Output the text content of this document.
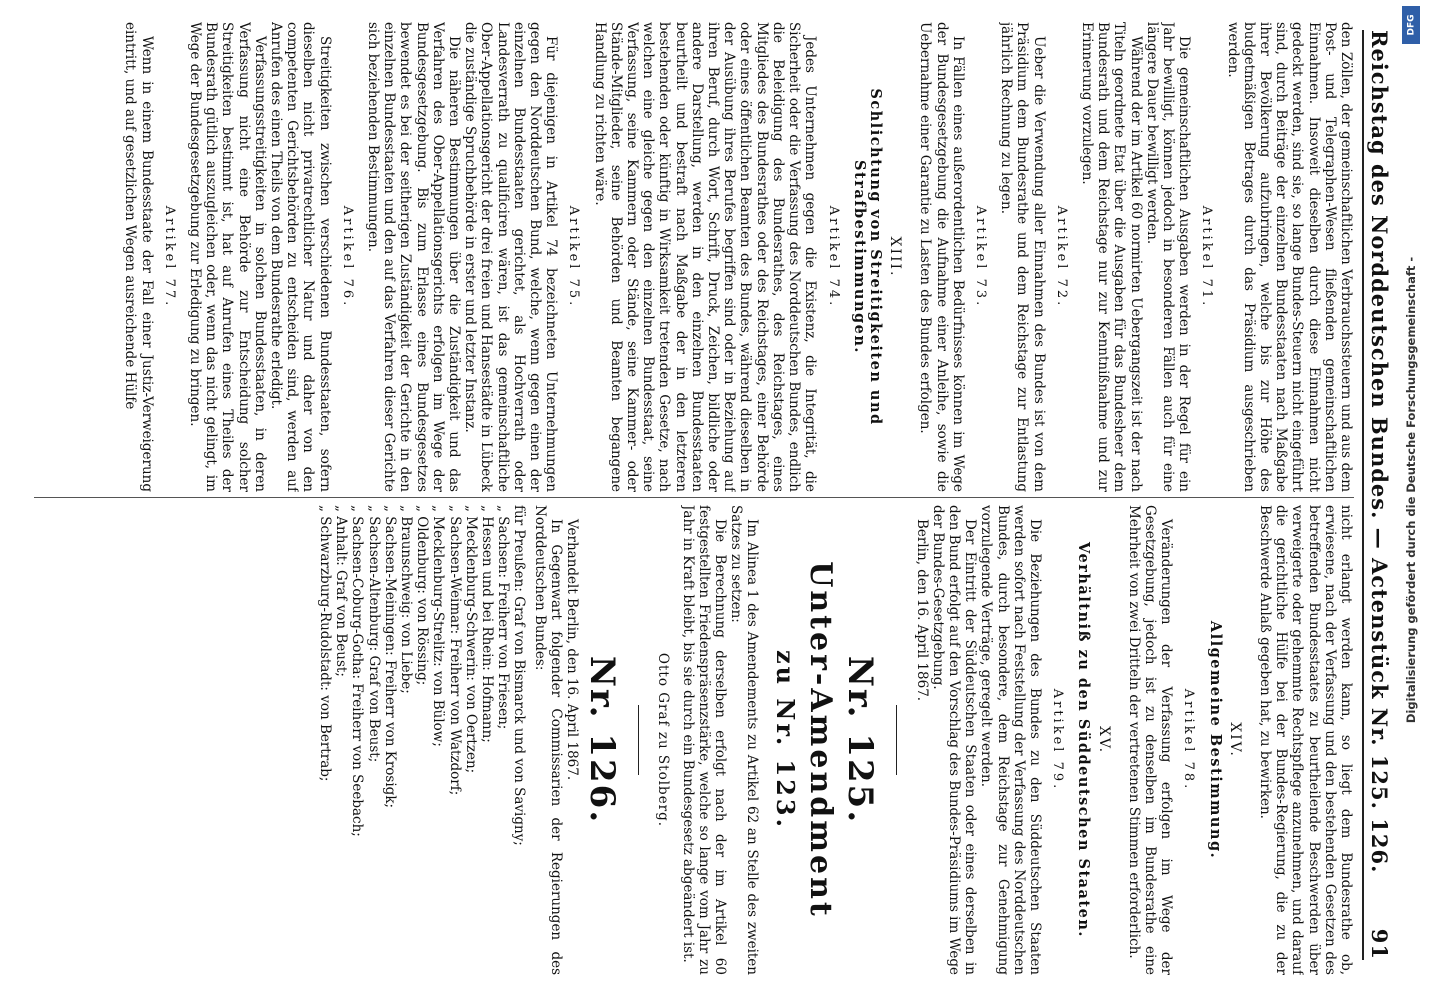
Reichstag des Norddeutschen Bundes. — Actenstück Nr. 125. 126.
91

den Zöllen, der gemeinschaftlichen Verbrauchssteuern und aus dem Post- und Telegraphen-Wesen fließenden gemeinschaftlichen Einnahmen. Insoweit dieselben durch diese Einnahmen nicht gedeckt werden, sind sie, so lange Bundes-Steuern nicht eingeführt sind, durch Beiträge der einzelnen Bundesstaaten nach Maßgabe ihrer Bevölkerung aufzubringen, welche bis zur Höhe des budgetmäßigen Betrages durch das Präsidium ausgeschrieben werden.

Artikel 71.

Die gemeinschaftlichen Ausgaben werden in der Regel für ein Jahr bewilligt, können jedoch in besonderen Fällen auch für eine längere Dauer bewilligt werden.

Während der im Artikel 60 normirten Uebergangszeit ist der nach Titeln geordnete Etat über die Ausgaben für das Bundesheer dem Bundesrath und dem Reichstage nur zur Kenntnißnahme und zur Erinnerung vorzulegen.

Artikel 72.

Ueber die Verwendung aller Einnahmen des Bundes ist von dem Präsidium dem Bundesrathe und dem Reichstage zur Entlastung jährlich Rechnung zu legen.

Artikel 73.

In Fällen eines außerordentlichen Bedürfnisses können im Wege der Bundesgesetzgebung die Aufnahme einer Anleihe, sowie die Uebernahme einer Garantie zu Lasten des Bundes erfolgen.

XIII.
Schlichtung von Streitigkeiten und Strafbestimmungen.
Artikel 74.

Jedes Unternehmen gegen die Existenz, die Integrität, die Sicherheit oder die Verfassung des Norddeutschen Bundes, endlich die Beleidigung des Bundesrathes, des Reichstages, eines Mitgliedes des Bundesrathes oder des Reichstages, einer Behörde oder eines öffentlichen Beamten des Bundes, während dieselben in der Ausübung ihres Berufes begriffen sind oder in Beziehung auf ihren Beruf, durch Wort, Schrift, Druck, Zeichen, bildliche oder andere Darstellung, werden in den einzelnen Bundesstaaten beurtheilt und bestraft nach Maßgabe der in den letzteren bestehenden oder künftig in Wirksamkeit tretenden Gesetze, nach welchen eine gleiche gegen den einzelnen Bundesstaat, seine Verfassung, seine Kammern oder Stände, seine Kammer- oder Stände-Mitglieder, seine Behörden und Beamten begangene Handlung zu richten wäre.

Artikel 75.

Für diejenigen in Artikel 74 bezeichneten Unternehmungen gegen den Norddeutschen Bund, welche, wenn gegen einen der einzelnen Bundesstaaten gerichtet, als Hochverrath oder Landesverrath zu qualificiren wären, ist das gemeinschaftliche Ober-Appellationsgericht der drei freien und Hansestädte in Lübeck die zuständige Spruchbehörde in erster und letzter Instanz.

Die näheren Bestimmungen über die Zuständigkeit und das Verfahren des Ober-Appellationsgerichts erfolgen im Wege der Bundesgesetzgebung. Bis zum Erlasse eines Bundesgesetzes bewendet es bei der seitherigen Zuständigkeit der Gerichte in den einzelnen Bundesstaaten und den auf das Verfahren dieser Gerichte sich beziehenden Bestimmungen.

Artikel 76.

Streitigkeiten zwischen verschiedenen Bundesstaaten, sofern dieselben nicht privatrechtlicher Natur und daher von den competenten Gerichtsbehörden zu entscheiden sind, werden auf Anrufen des einen Theils von dem Bundesrathe erledigt.

Verfassungsstreitigkeiten in solchen Bundesstaaten, in deren Verfassung nicht eine Behörde zur Entscheidung solcher Streitigkeiten bestimmt ist, hat auf Anrufen eines Theiles der Bundesrath gütlich auszugleichen oder, wenn das nicht gelingt, im Wege der Bundesgesetzgebung zur Erledigung zu bringen.

Artikel 77.

Wenn in einem Bundesstaate der Fall einer Justiz-Verweigerung eintritt, und auf gesetzlichen Wegen ausreichende Hülfe

nicht erlangt werden kann, so liegt dem Bundesrathe ob, erwiesene, nach der Verfassung und den bestehenden Gesetzen des betreffenden Bundesstaates zu beurtheilende Beschwerden über verweigerte oder gehemmte Rechtspflege anzunehmen, und darauf die gerichtliche Hülfe bei der Bundes-Regierung, die zu der Beschwerde Anlaß gegeben hat, zu bewirken.

XIV.
Allgemeine Bestimmung.
Artikel 78.

Veränderungen der Verfassung erfolgen im Wege der Gesetzgebung, jedoch ist zu denselben im Bundesrathe eine Mehrheit von zwei Dritteln der vertretenen Stimmen erforderlich.

XV.
Verhältniß zu den Süddeutschen Staaten.
Artikel 79.

Die Beziehungen des Bundes zu den Süddeutschen Staaten werden sofort nach Feststellung der Verfassung des Norddeutschen Bundes, durch besondere, dem Reichstage zur Genehmigung vorzulegende Verträge, geregelt werden.

Der Eintritt der Süddeutschen Staaten oder eines derselben in den Bund erfolgt auf den Vorschlag des Bundes-Präsidiums im Wege der Bundes-Gesetzgebung.

Berlin, den 16. April 1867.

Nr. 125.
Unter-Amendment
zu Nr. 123.

Im Alinea 1 des Amendements zu Artikel 62 an Stelle des zweiten Satzes zu setzen:

Die Berechnung derselben erfolgt nach der im Artikel 60 festgestellten Friedenspräsenzstärke, welche so lange vom Jahr zu Jahr in Kraft bleibt, bis sie durch ein Bundesgesetz abgeändert ist.

Otto Graf zu Stolberg.
Nr. 126.

Verhandelt Berlin, den 16. April 1867.

In Gegenwart folgender Commissarien der Regierungen des Norddeutschen Bundes:

für Preußen: Graf von Bismarck und von Savigny;
„ Sachsen: Freiherr von Friesen;
„ Hessen und bei Rhein: Hofmann;
„ Mecklenburg-Schwerin: von Oertzen;
„ Sachsen-Weimar: Freiherr von Watzdorf;
„ Mecklenburg-Strelitz: von Bülow;
„ Oldenburg: von Rössing;
„ Braunschweig: von Liebe;
„ Sachsen-Meiningen: Freiherr von Krosigk;
„ Sachsen-Altenburg: Graf von Beust;
„ Sachsen-Coburg-Gotha: Freiherr von Seebach;
„ Anhalt: Graf von Beust;
„ Schwarzburg-Rudolstadt: von Bertrab;	Digitalisierung gefördert durch die Deutsche Forschungsgemeinschaft -
DFG
